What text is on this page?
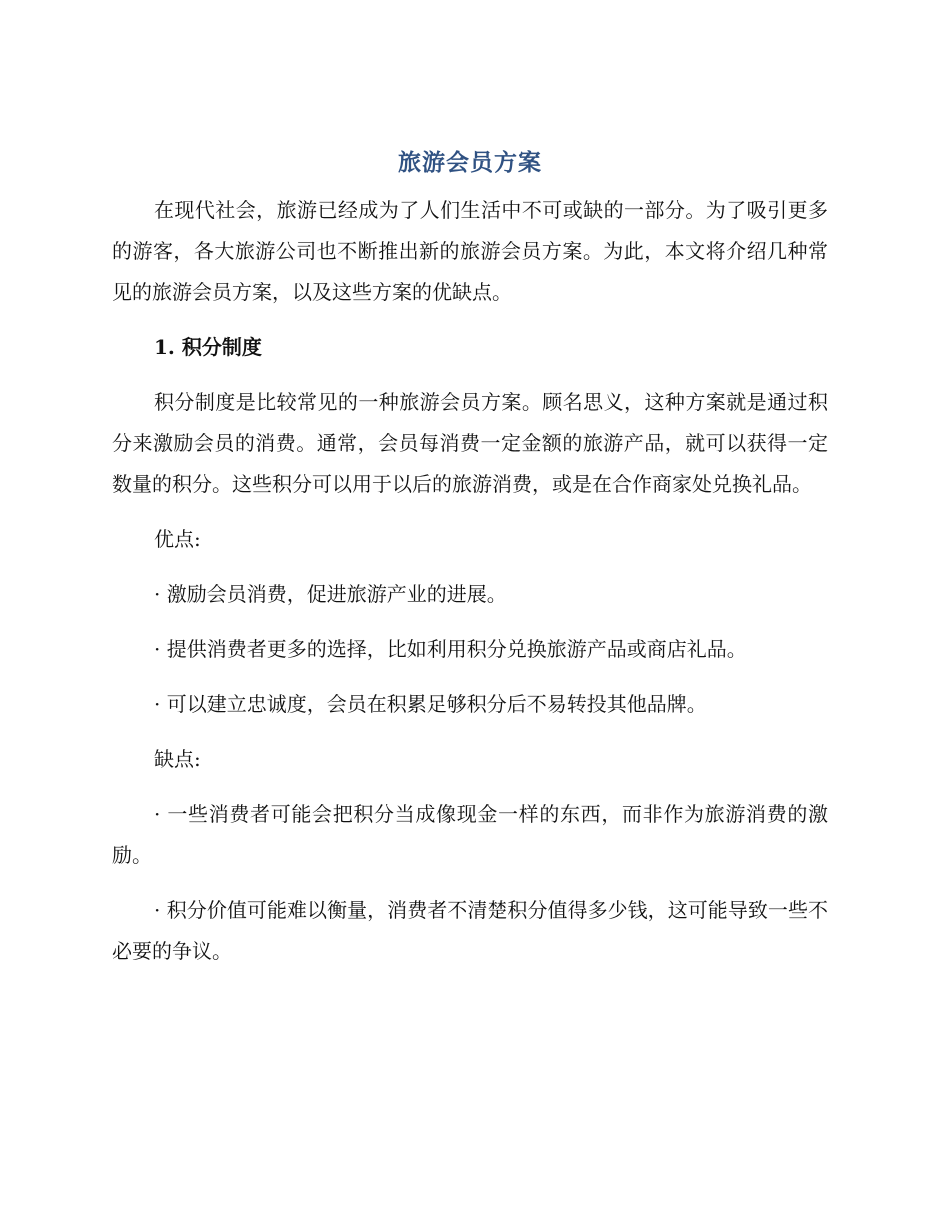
旅游会员方案

在现代社会，旅游已经成为了人们生活中不可或缺的一部分。为了吸引更多的游客，各大旅游公司也不断推出新的旅游会员方案。为此，本文将介绍几种常见的旅游会员方案，以及这些方案的优缺点。

1. 积分制度

积分制度是比较常见的一种旅游会员方案。顾名思义，这种方案就是通过积分来激励会员的消费。通常，会员每消费一定金额的旅游产品，就可以获得一定数量的积分。这些积分可以用于以后的旅游消费，或是在合作商家处兑换礼品。

优点:

· 激励会员消费，促进旅游产业的进展。

· 提供消费者更多的选择，比如利用积分兑换旅游产品或商店礼品。

· 可以建立忠诚度，会员在积累足够积分后不易转投其他品牌。

缺点:

· 一些消费者可能会把积分当成像现金一样的东西，而非作为旅游消费的激励。

· 积分价值可能难以衡量，消费者不清楚积分值得多少钱，这可能导致一些不必要的争议。
